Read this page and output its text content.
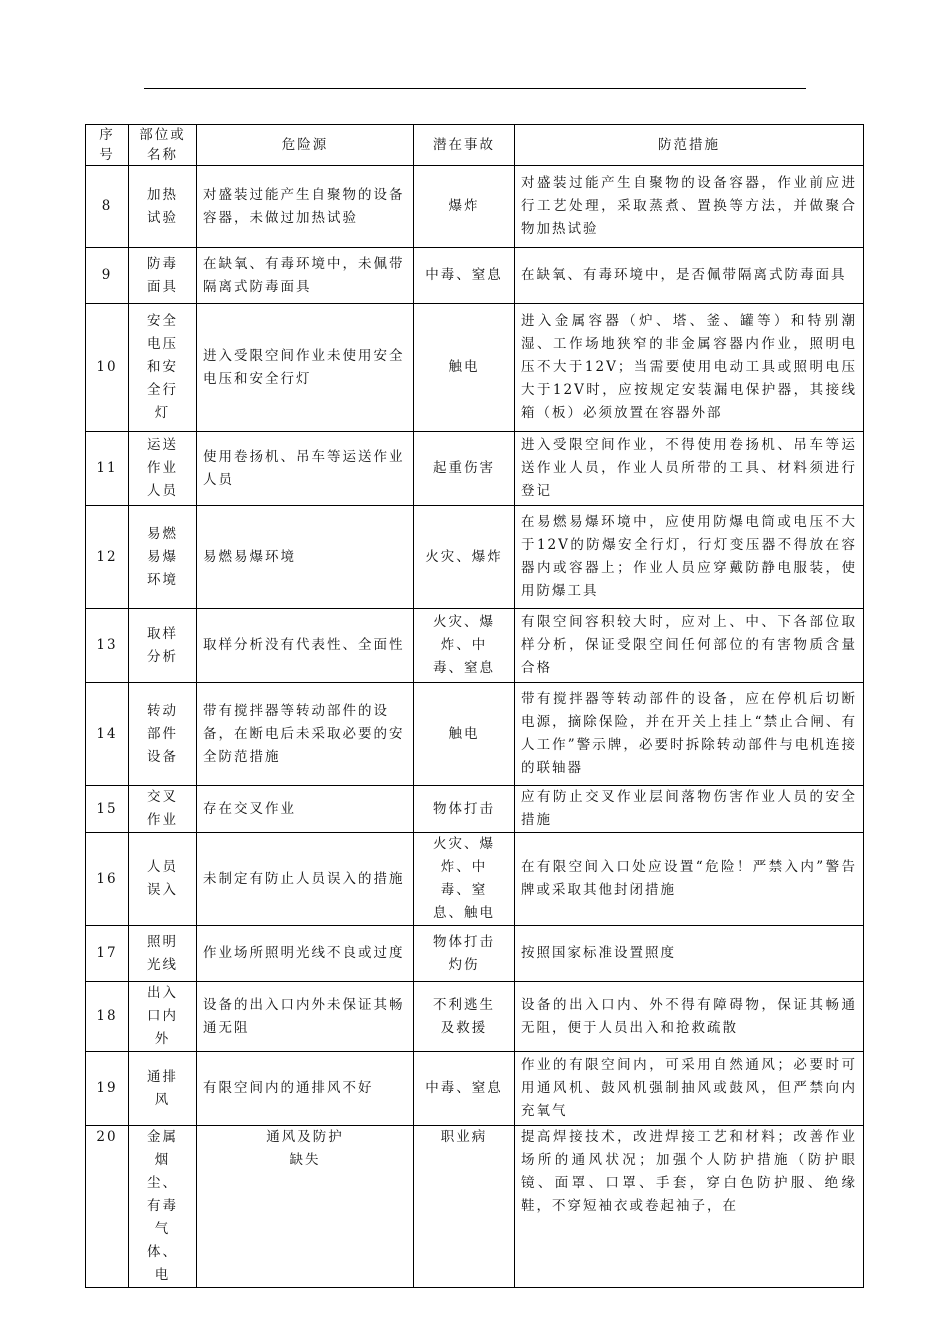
序号	部位或名称	危险源	潜在事故	防范措施
8	加热试验	对盛装过能产生自聚物的设备容器，未做过加热试验	爆炸	对盛装过能产生自聚物的设备容器，作业前应进行工艺处理，采取蒸煮、置换等方法，并做聚合物加热试验
9	防毒面具	在缺氧、有毒环境中，未佩带隔离式防毒面具	中毒、窒息	在缺氧、有毒环境中，是否佩带隔离式防毒面具
10	安全电压和安全行灯	进入受限空间作业未使用安全电压和安全行灯	触电	进入金属容器（炉、塔、釜、罐等）和特别潮湿、工作场地狭窄的非金属容器内作业，照明电压不大于12V；当需要使用电动工具或照明电压大于12V时，应按规定安装漏电保护器，其接线箱（板）必须放置在容器外部
11	运送作业人员	使用卷扬机、吊车等运送作业人员	起重伤害	进入受限空间作业，不得使用卷扬机、吊车等运送作业人员，作业人员所带的工具、材料须进行登记
12	易燃易爆环境	易燃易爆环境	火灾、爆炸	在易燃易爆环境中，应使用防爆电筒或电压不大于12V的防爆安全行灯，行灯变压器不得放在容器内或容器上；作业人员应穿戴防静电服装，使用防爆工具
13	取样分析	取样分析没有代表性、全面性	火灾、爆炸、中毒、窒息	有限空间容积较大时，应对上、中、下各部位取样分析，保证受限空间任何部位的有害物质含量合格
14	转动部件设备	带有搅拌器等转动部件的设备，在断电后未采取必要的安全防范措施	触电	带有搅拌器等转动部件的设备，应在停机后切断电源，摘除保险，并在开关上挂上“禁止合闸、有人工作”警示牌，必要时拆除转动部件与电机连接的联轴器
15	交叉作业	存在交叉作业	物体打击	应有防止交叉作业层间落物伤害作业人员的安全措施
16	人员误入	未制定有防止人员误入的措施	火灾、爆炸、中毒、窒息、触电	在有限空间入口处应设置“危险！严禁入内”警告牌或采取其他封闭措施
17	照明光线	作业场所照明光线不良或过度	物体打击灼伤	按照国家标准设置照度
18	出入口内外	设备的出入口内外未保证其畅通无阻	不利逃生及救援	设备的出入口内、外不得有障碍物，保证其畅通无阻，便于人员出入和抢救疏散
19	通排风	有限空间内的通排风不好	中毒、窒息	作业的有限空间内，可采用自然通风；必要时可用通风机、鼓风机强制抽风或鼓风，但严禁向内充氧气
20	金属烟尘、有毒气体、电	通风及防护缺失	职业病	提高焊接技术，改进焊接工艺和材料；改善作业场所的通风状况；加强个人防护措施（防护眼镜、面罩、口罩、手套，穿白色防护服、绝缘鞋，不穿短袖衣或卷起袖子，在
